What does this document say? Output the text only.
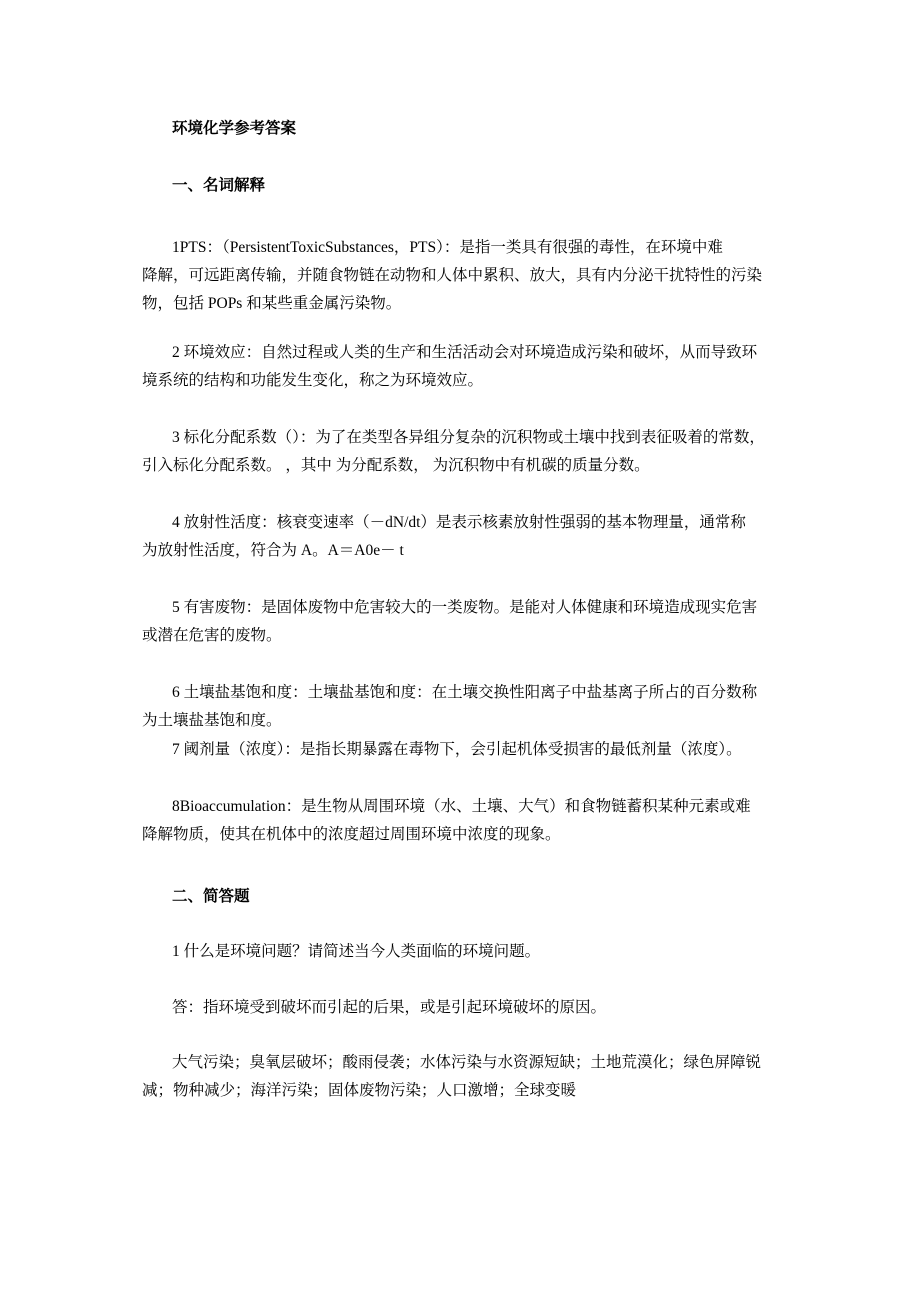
环境化学参考答案
一、名词解释
1PTS：（PersistentToxicSubstances，PTS）：是指一类具有很强的毒性，在环境中难
降解，可远距离传输，并随食物链在动物和人体中累积、放大，具有内分泌干扰特性的污染
物，包括 POPs 和某些重金属污染物。
2 环境效应：自然过程或人类的生产和生活活动会对环境造成污染和破坏，从而导致环
境系统的结构和功能发生变化，称之为环境效应。
3 标化分配系数（）：为了在类型各异组分复杂的沉积物或土壤中找到表征吸着的常数，
引入标化分配系数。 ，其中 为分配系数， 为沉积物中有机碳的质量分数。
4 放射性活度：核衰变速率（－dN/dt）是表示核素放射性强弱的基本物理量，通常称
为放射性活度，符合为 A。A＝A0e－ t
5 有害废物：是固体废物中危害较大的一类废物。是能对人体健康和环境造成现实危害
或潜在危害的废物。
6 土壤盐基饱和度：土壤盐基饱和度：在土壤交换性阳离子中盐基离子所占的百分数称
为土壤盐基饱和度。
7 阈剂量（浓度）：是指长期暴露在毒物下，会引起机体受损害的最低剂量（浓度）。
8Bioaccumulation：是生物从周围环境（水、土壤、大气）和食物链蓄积某种元素或难
降解物质，使其在机体中的浓度超过周围环境中浓度的现象。
二、简答题
1 什么是环境问题？请简述当今人类面临的环境问题。
答：指环境受到破坏而引起的后果，或是引起环境破坏的原因。
大气污染；臭氧层破坏；酸雨侵袭；水体污染与水资源短缺；土地荒漠化；绿色屏障锐
减；物种减少；海洋污染；固体废物污染；人口激增；全球变暖
